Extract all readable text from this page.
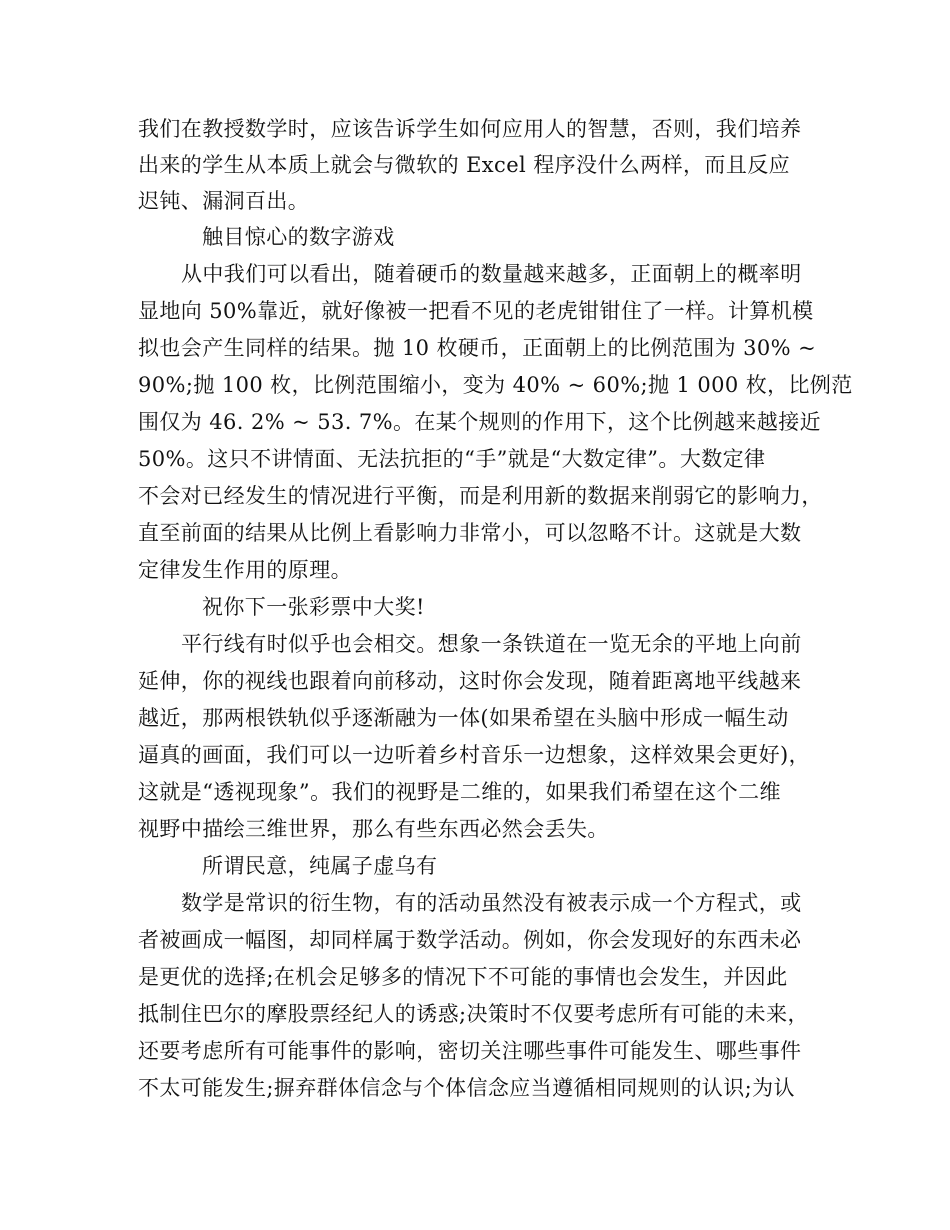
我们在教授数学时，应该告诉学生如何应用人的智慧，否则，我们培养
出来的学生从本质上就会与微软的 Excel 程序没什么两样，而且反应
迟钝、漏洞百出。
触目惊心的数字游戏
从中我们可以看出，随着硬币的数量越来越多，正面朝上的概率明
显地向 50%靠近，就好像被一把看不见的老虎钳钳住了一样。计算机模
拟也会产生同样的结果。抛 10 枚硬币，正面朝上的比例范围为 30% ~
90%;抛 100 枚，比例范围缩小，变为 40% ~ 60%;抛 1 000 枚，比例范
围仅为 46. 2% ~ 53. 7%。在某个规则的作用下，这个比例越来越接近
50%。这只不讲情面、无法抗拒的“手”就是“大数定律”。大数定律
不会对已经发生的情况进行平衡，而是利用新的数据来削弱它的影响力，
直至前面的结果从比例上看影响力非常小，可以忽略不计。这就是大数
定律发生作用的原理。
祝你下一张彩票中大奖!
平行线有时似乎也会相交。想象一条铁道在一览无余的平地上向前
延伸，你的视线也跟着向前移动，这时你会发现，随着距离地平线越来
越近，那两根铁轨似乎逐渐融为一体(如果希望在头脑中形成一幅生动
逼真的画面，我们可以一边听着乡村音乐一边想象，这样效果会更好)，
这就是“透视现象”。我们的视野是二维的，如果我们希望在这个二维
视野中描绘三维世界，那么有些东西必然会丢失。
所谓民意，纯属子虚乌有
数学是常识的衍生物，有的活动虽然没有被表示成一个方程式，或
者被画成一幅图，却同样属于数学活动。例如，你会发现好的东西未必
是更优的选择;在机会足够多的情况下不可能的事情也会发生，并因此
抵制住巴尔的摩股票经纪人的诱惑;决策时不仅要考虑所有可能的未来，
还要考虑所有可能事件的影响，密切关注哪些事件可能发生、哪些事件
不太可能发生;摒弃群体信念与个体信念应当遵循相同规则的认识;为认
